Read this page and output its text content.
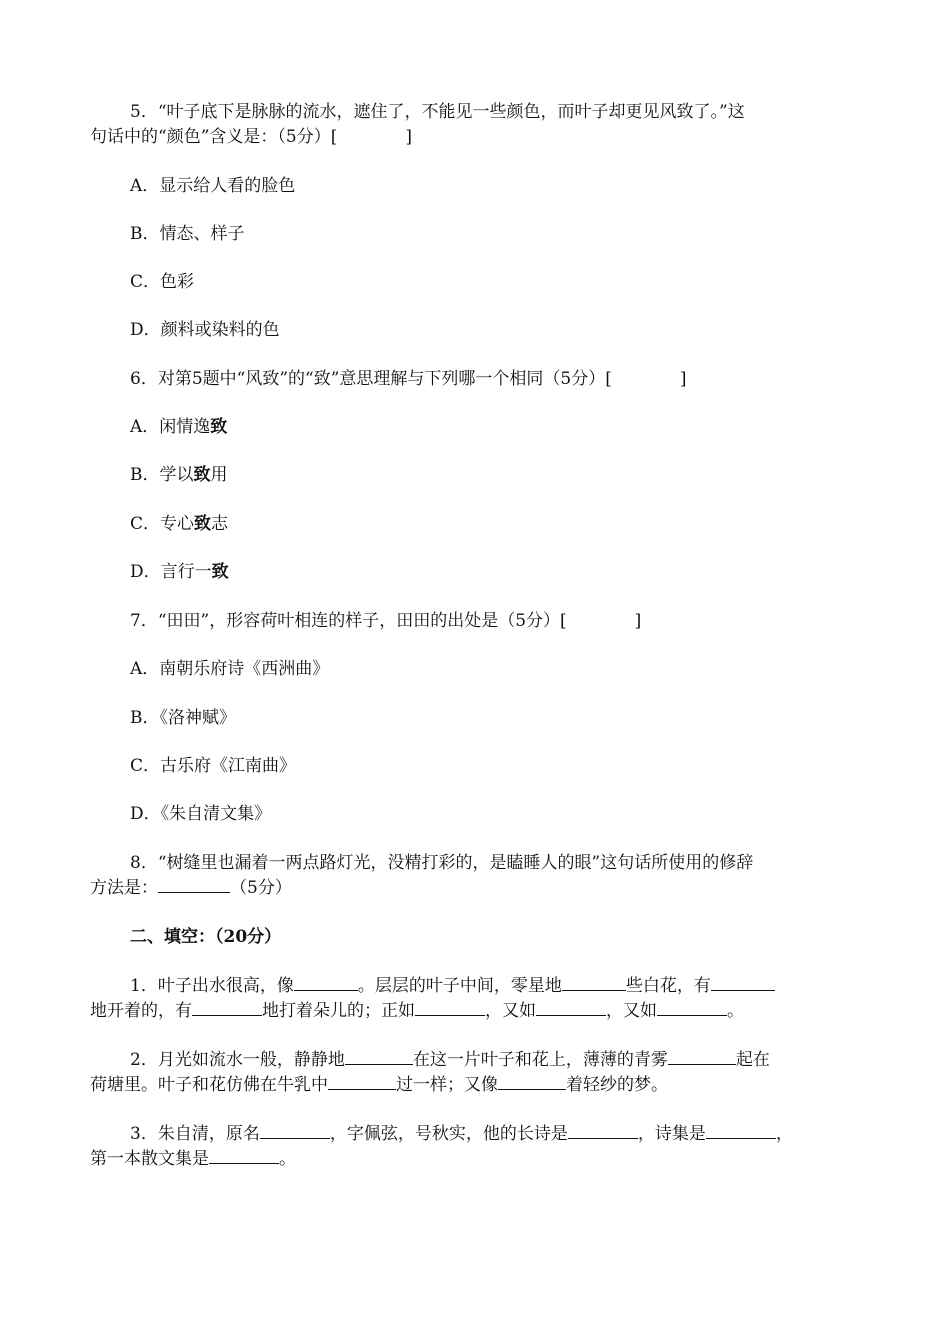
5．“叶子底下是脉脉的流水，遮住了，不能见一些颜色，而叶子却更见风致了。”这

句话中的“颜色”含义是：（5分）[　　　　]

A．显示给人看的脸色

B．情态、样子

C．色彩

D．颜料或染料的色

6．对第5题中“风致”的“致”意思理解与下列哪一个相同（5分）[　　　　]

A．闲情逸致

B．学以致用

C．专心致志

D．言行一致

7．“田田”，形容荷叶相连的样子，田田的出处是（5分）[　　　　]

A．南朝乐府诗《西洲曲》

B．《洛神赋》

C．古乐府《江南曲》

D．《朱自清文集》

8．“树缝里也漏着一两点路灯光，没精打彩的，是瞌睡人的眼”这句话所使用的修辞

方法是：	（5分）

二、填空：（20分）

1．叶子出水很高，像	。层层的叶子中间，零星地	些白花，有

地开着的，有	地打着朵儿的；正如	，又如	，又如	。

2．月光如流水一般，静静地	在这一片叶子和花上，薄薄的青雾	起在

荷塘里。叶子和花仿佛在牛乳中	过一样；又像	着轻纱的梦。

3．朱自清，原名	，字佩弦，号秋实，他的长诗是	，诗集是	，

第一本散文集是	。
